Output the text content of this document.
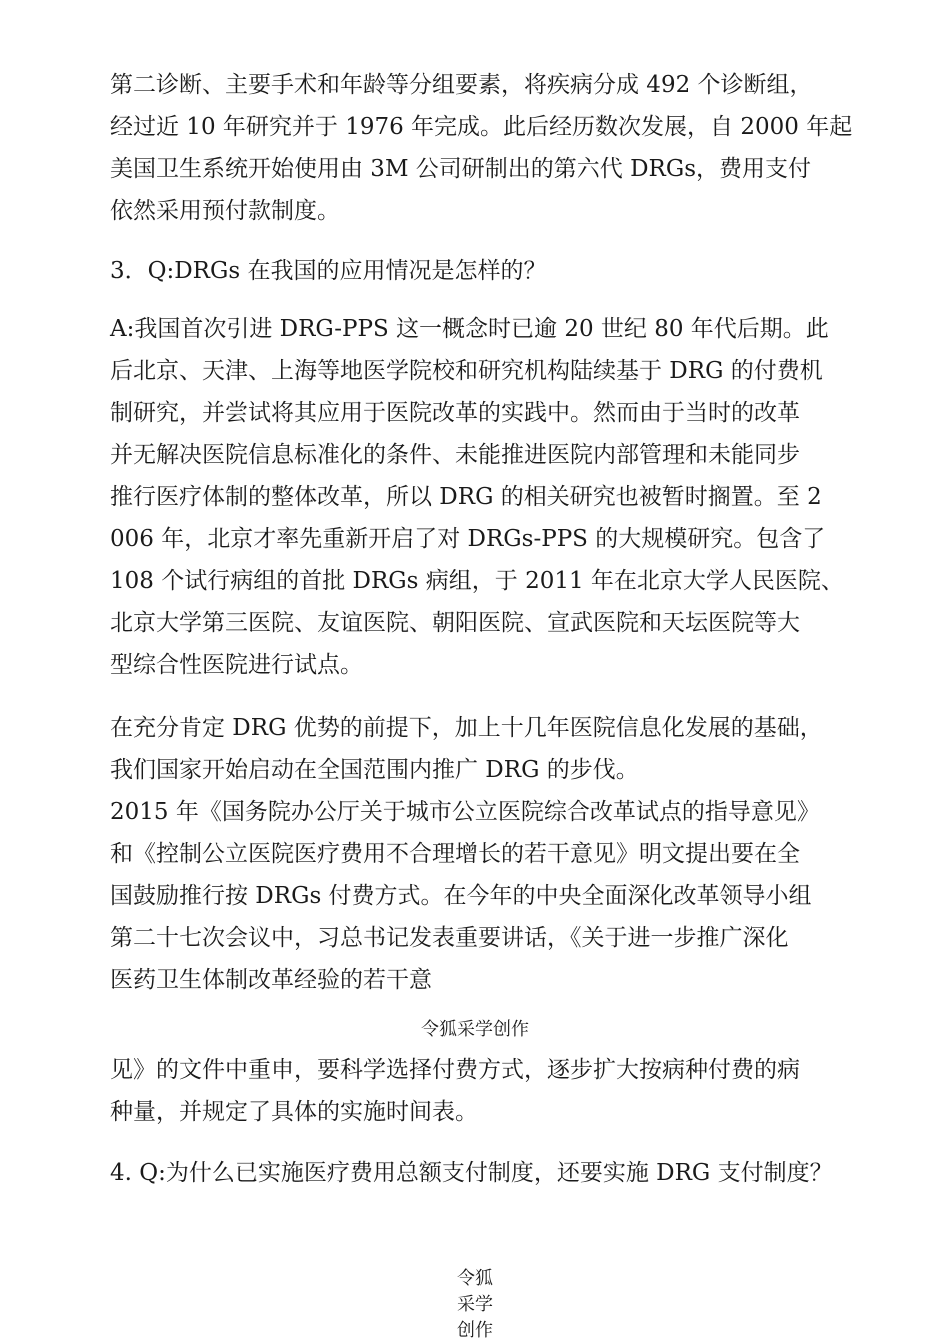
第二诊断、主要手术和年龄等分组要素，将疾病分成 492 个诊断组，
经过近 10 年研究并于 1976 年完成。此后经历数次发展，自 2000 年起
美国卫生系统开始使用由 3M 公司研制出的第六代 DRGs，费用支付
依然采用预付款制度。
3．Q:DRGs 在我国的应用情况是怎样的？
A:我国首次引进 DRG-PPS 这一概念时已逾 20 世纪 80 年代后期。此
后北京、天津、上海等地医学院校和研究机构陆续基于 DRG 的付费机
制研究，并尝试将其应用于医院改革的实践中。然而由于当时的改革
并无解决医院信息标准化的条件、未能推进医院内部管理和未能同步
推行医疗体制的整体改革，所以 DRG 的相关研究也被暂时搁置。至 2
006 年，北京才率先重新开启了对 DRGs-PPS 的大规模研究。包含了
108 个试行病组的首批 DRGs 病组，于 2011 年在北京大学人民医院、
北京大学第三医院、友谊医院、朝阳医院、宣武医院和天坛医院等大
型综合性医院进行试点。
在充分肯定 DRG 优势的前提下，加上十几年医院信息化发展的基础，
我们国家开始启动在全国范围内推广 DRG 的步伐。
2015 年《国务院办公厅关于城市公立医院综合改革试点的指导意见》
和《控制公立医院医疗费用不合理增长的若干意见》明文提出要在全
国鼓励推行按 DRGs 付费方式。在今年的中央全面深化改革领导小组
第二十七次会议中，习总书记发表重要讲话，《关于进一步推广深化
医药卫生体制改革经验的若干意
令狐采学创作
见》的文件中重申，要科学选择付费方式，逐步扩大按病种付费的病
种量，并规定了具体的实施时间表。
4. Q:为什么已实施医疗费用总额支付制度，还要实施 DRG 支付制度？
令狐
采学
创作
